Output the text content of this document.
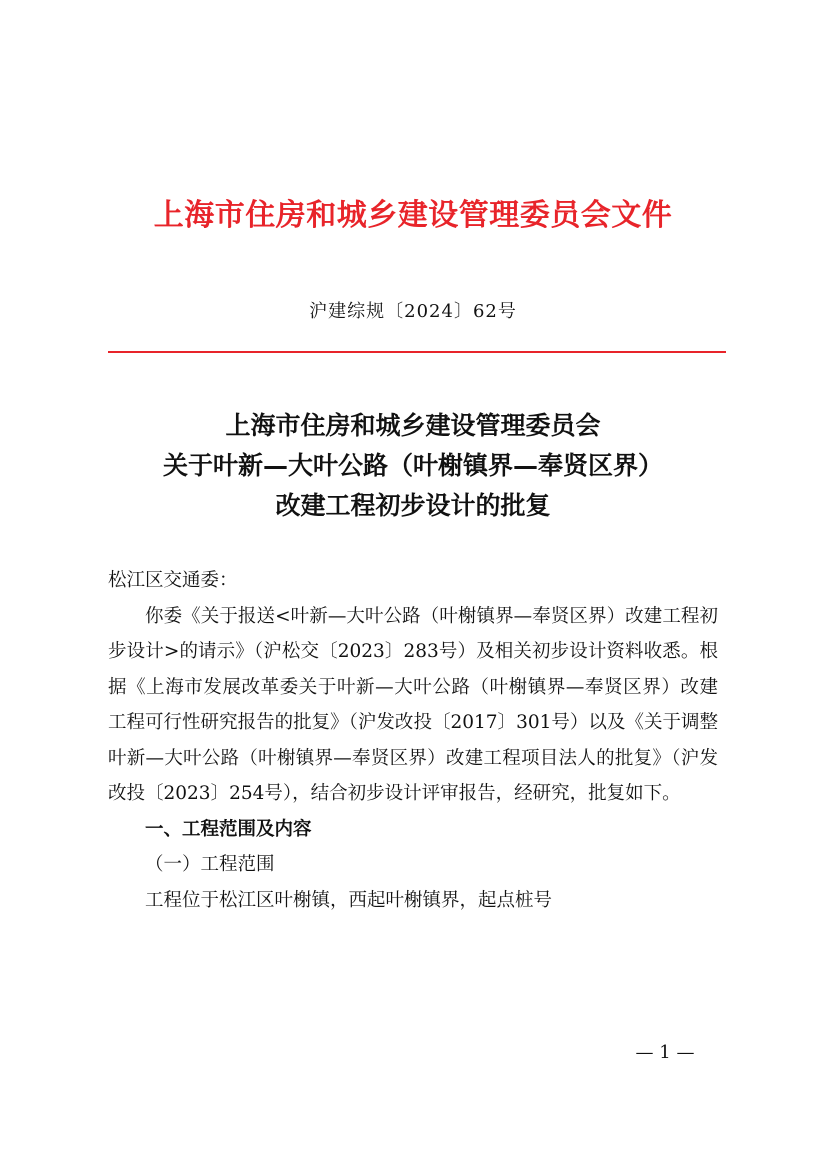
上海市住房和城乡建设管理委员会文件
沪建综规〔2024〕62号
上海市住房和城乡建设管理委员会
关于叶新—大叶公路（叶榭镇界—奉贤区界）
改建工程初步设计的批复

松江区交通委：

你委《关于报送<叶新—大叶公路（叶榭镇界—奉贤区界）改建工程初步设计>的请示》（沪松交〔2023〕283号）及相关初步设计资料收悉。根据《上海市发展改革委关于叶新—大叶公路（叶榭镇界—奉贤区界）改建工程可行性研究报告的批复》（沪发改投〔2017〕301号）以及《关于调整叶新—大叶公路（叶榭镇界—奉贤区界）改建工程项目法人的批复》（沪发改投〔2023〕254号），结合初步设计评审报告，经研究，批复如下。

一、工程范围及内容

（一）工程范围

工程位于松江区叶榭镇，西起叶榭镇界，起点桩号

— 1 —
